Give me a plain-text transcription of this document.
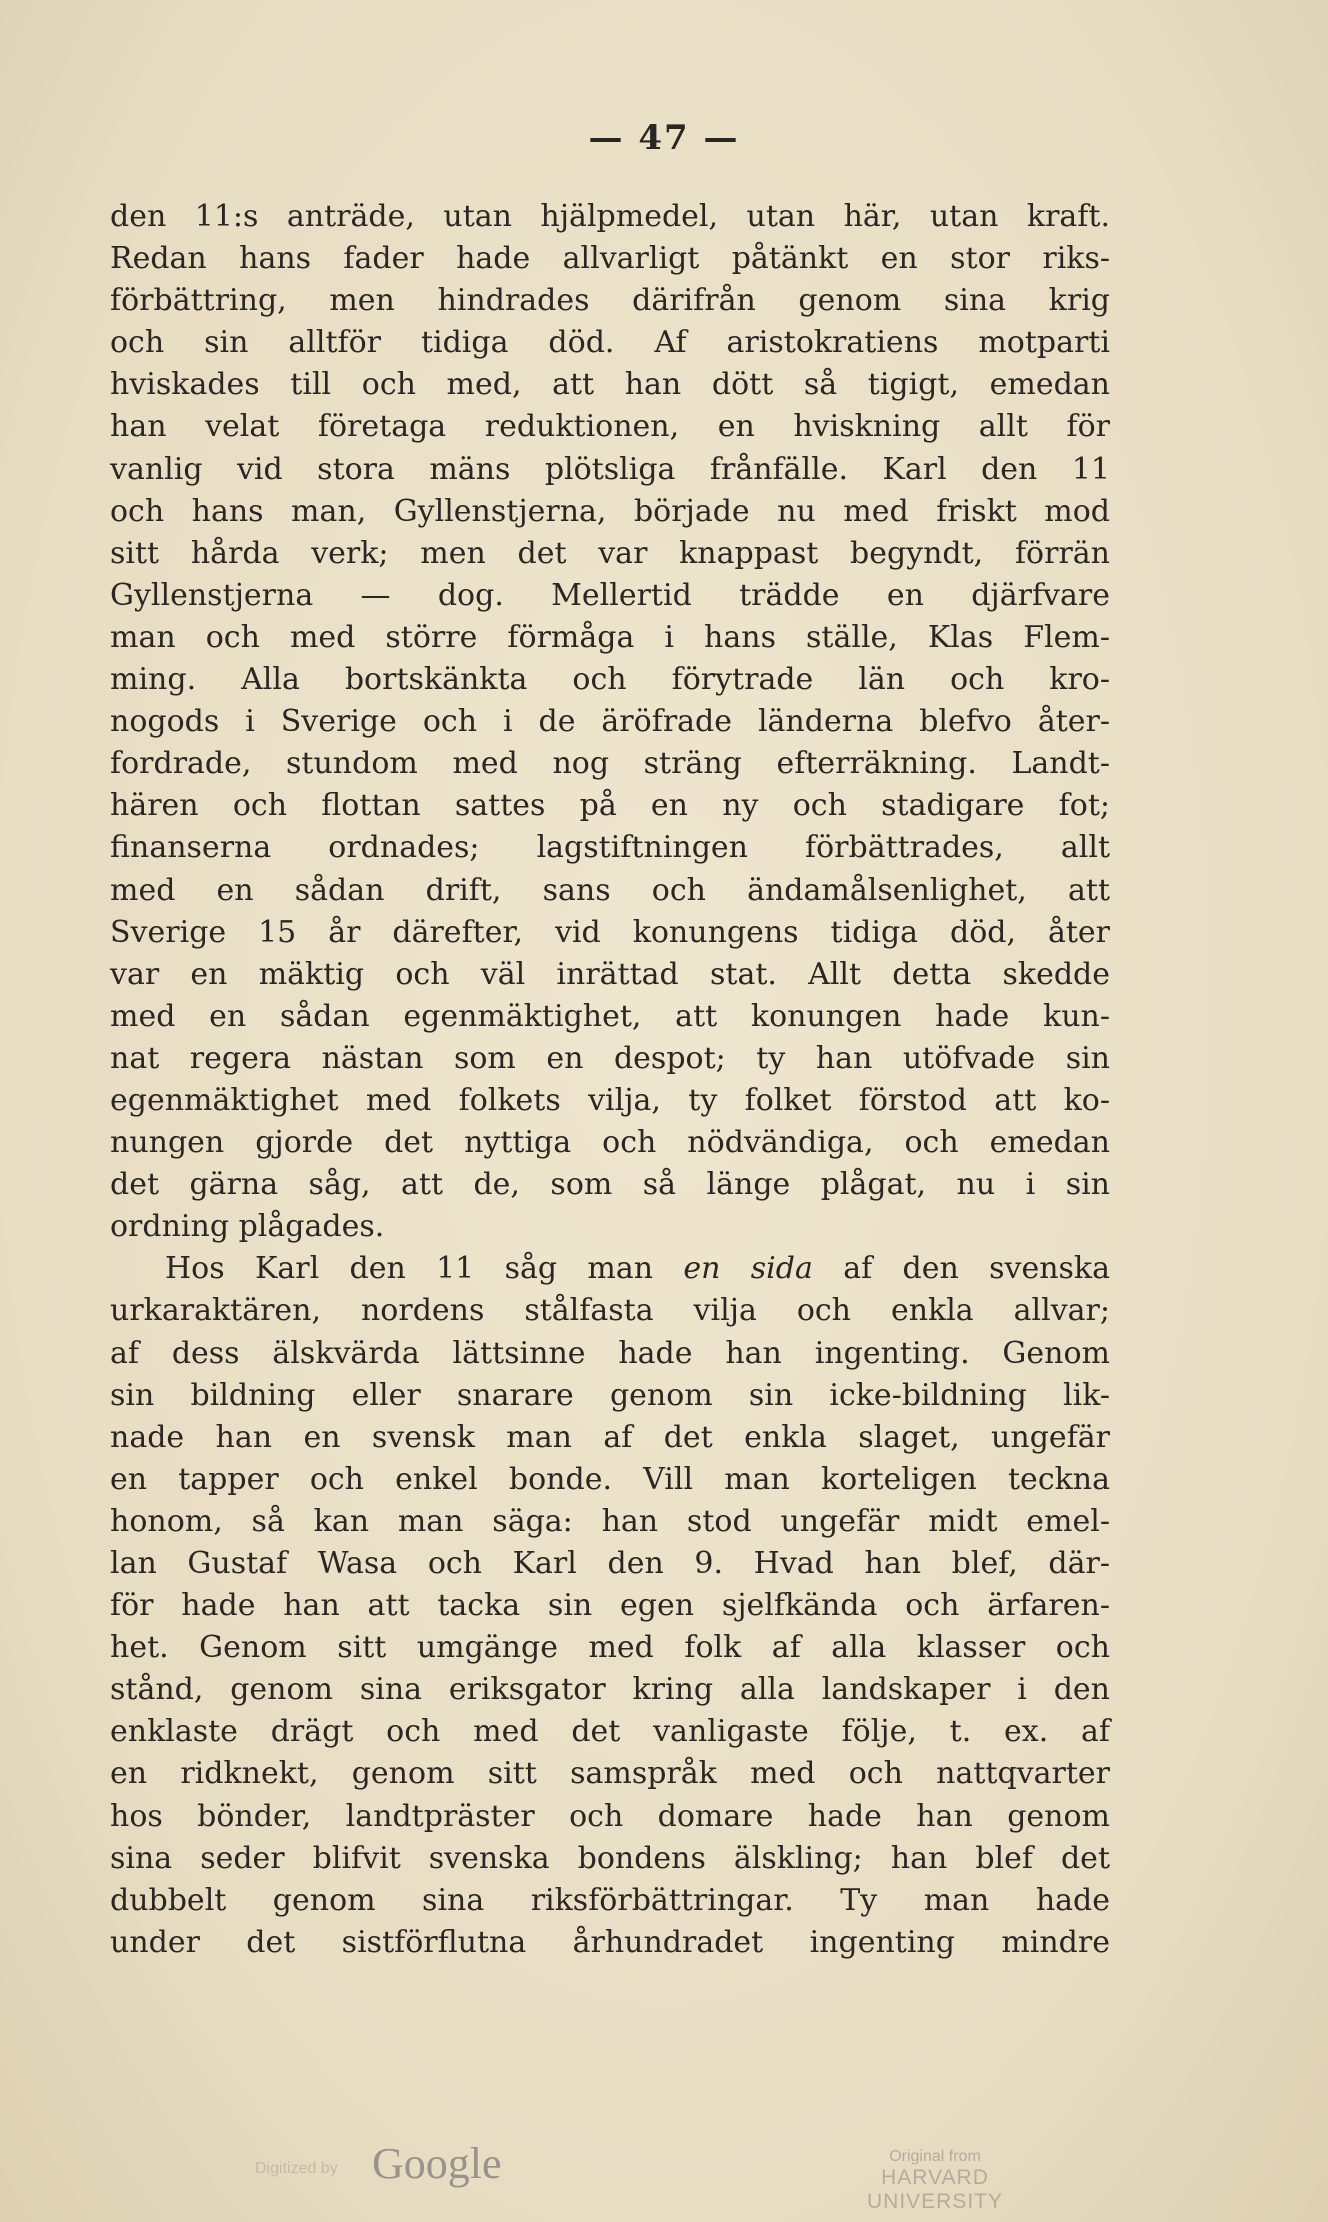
— 47 —
den 11:s anträde, utan hjälpmedel, utan här, utan kraft.
Redan hans fader hade allvarligt påtänkt en stor riks-
förbättring, men hindrades därifrån genom sina krig
och sin alltför tidiga död. Af aristokratiens motparti
hviskades till och med, att han dött så tigigt, emedan
han velat företaga reduktionen, en hviskning allt för
vanlig vid stora mäns plötsliga frånfälle. Karl den 11
och hans man, Gyllenstjerna, började nu med friskt mod
sitt hårda verk; men det var knappast begyndt, förrän
Gyllenstjerna — dog. Mellertid trädde en djärfvare
man och med större förmåga i hans ställe, Klas Flem-
ming. Alla bortskänkta och förytrade län och kro-
nogods i Sverige och i de äröfrade länderna blefvo åter-
fordrade, stundom med nog sträng efterräkning. Landt-
hären och flottan sattes på en ny och stadigare fot;
finanserna ordnades; lagstiftningen förbättrades, allt
med en sådan drift, sans och ändamålsenlighet, att
Sverige 15 år därefter, vid konungens tidiga död, åter
var en mäktig och väl inrättad stat. Allt detta skedde
med en sådan egenmäktighet, att konungen hade kun-
nat regera nästan som en despot; ty han utöfvade sin
egenmäktighet med folkets vilja, ty folket förstod att ko-
nungen gjorde det nyttiga och nödvändiga, och emedan
det gärna såg, att de, som så länge plågat, nu i sin
ordning plågades.
Hos Karl den 11 såg man en sida af den svenska
urkaraktären, nordens stålfasta vilja och enkla allvar;
af dess älskvärda lättsinne hade han ingenting. Genom
sin bildning eller snarare genom sin icke-bildning lik-
nade han en svensk man af det enkla slaget, ungefär
en tapper och enkel bonde. Vill man korteligen teckna
honom, så kan man säga: han stod ungefär midt emel-
lan Gustaf Wasa och Karl den 9. Hvad han blef, där-
för hade han att tacka sin egen sjelfkända och ärfaren-
het. Genom sitt umgänge med folk af alla klasser och
stånd, genom sina eriksgator kring alla landskaper i den
enklaste drägt och med det vanligaste följe, t. ex. af
en ridknekt, genom sitt samspråk med och nattqvarter
hos bönder, landtpräster och domare hade han genom
sina seder blifvit svenska bondens älskling; han blef det
dubbelt genom sina riksförbättringar. Ty man hade
under det sistförflutna århundradet ingenting mindre
Digitized by Google	Original from
HARVARD UNIVERSITY
